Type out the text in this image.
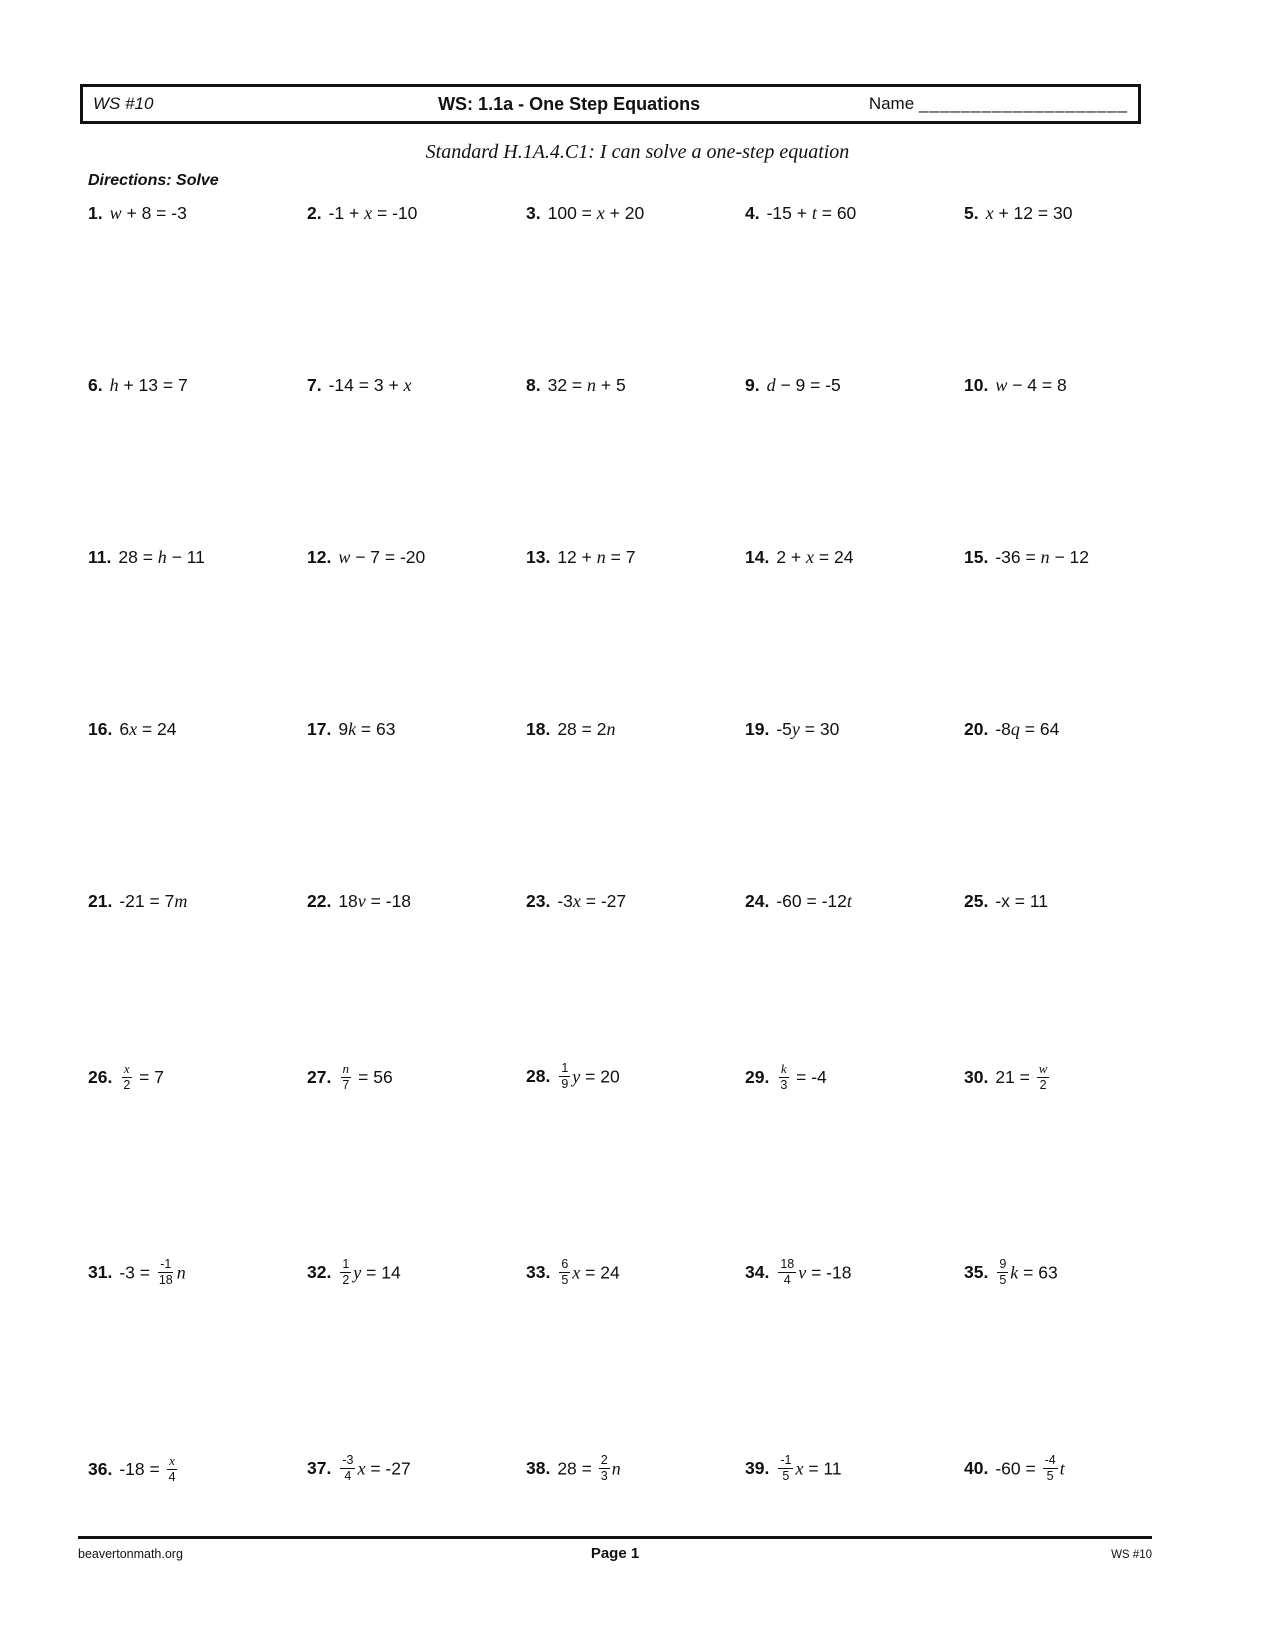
WS #10	WS: 1.1a - One Step Equations	Name ____________________
Standard H.1A.4.C1: I can solve a one-step equation
Directions: Solve
1. w + 8 = -3	2. -1 + x = -10	3. 100 = x + 20	4. -15 + t = 60	5. x + 12 = 30
6. h + 13 = 7	7. -14 = 3 + x	8. 32 = n + 5	9. d − 9 = -5	10. w − 4 = 8
11. 28 = h − 11	12. w − 7 = -20	13. 12 + n = 7	14. 2 + x = 24	15. -36 = n − 12
16. 6x = 24	17. 9k = 63	18. 28 = 2n	19. -5y = 30	20. -8q = 64
21. -21 = 7m	22. 18v = -18	23. -3x = -27	24. -60 = -12t	25. -x = 11
26. $\frac{x}{2} = 7$	27. $\frac{n}{7} = 56$	28. $\frac{1}{9}$ y = 20	29. $\frac{k}{3} = -4$	30. $21 = \frac{w}{2}$
31. $-3 = \frac{-1}{18}$ n	32. $\frac{1}{2}$ y = 14	33. $\frac{6}{5}$ x = 24	34. $\frac{18}{4}$ v = -18	35. $\frac{9}{5}$ k = 63
36. $-18 = \frac{x}{4}$	37. $\frac{-3}{4}$ x = -27	38. $28 = \frac{2}{3}$ n	39. $\frac{-1}{5}$ x = 11	40. $-60 = \frac{-4}{5}$ t
beavertonmath.org	Page 1	WS #10
